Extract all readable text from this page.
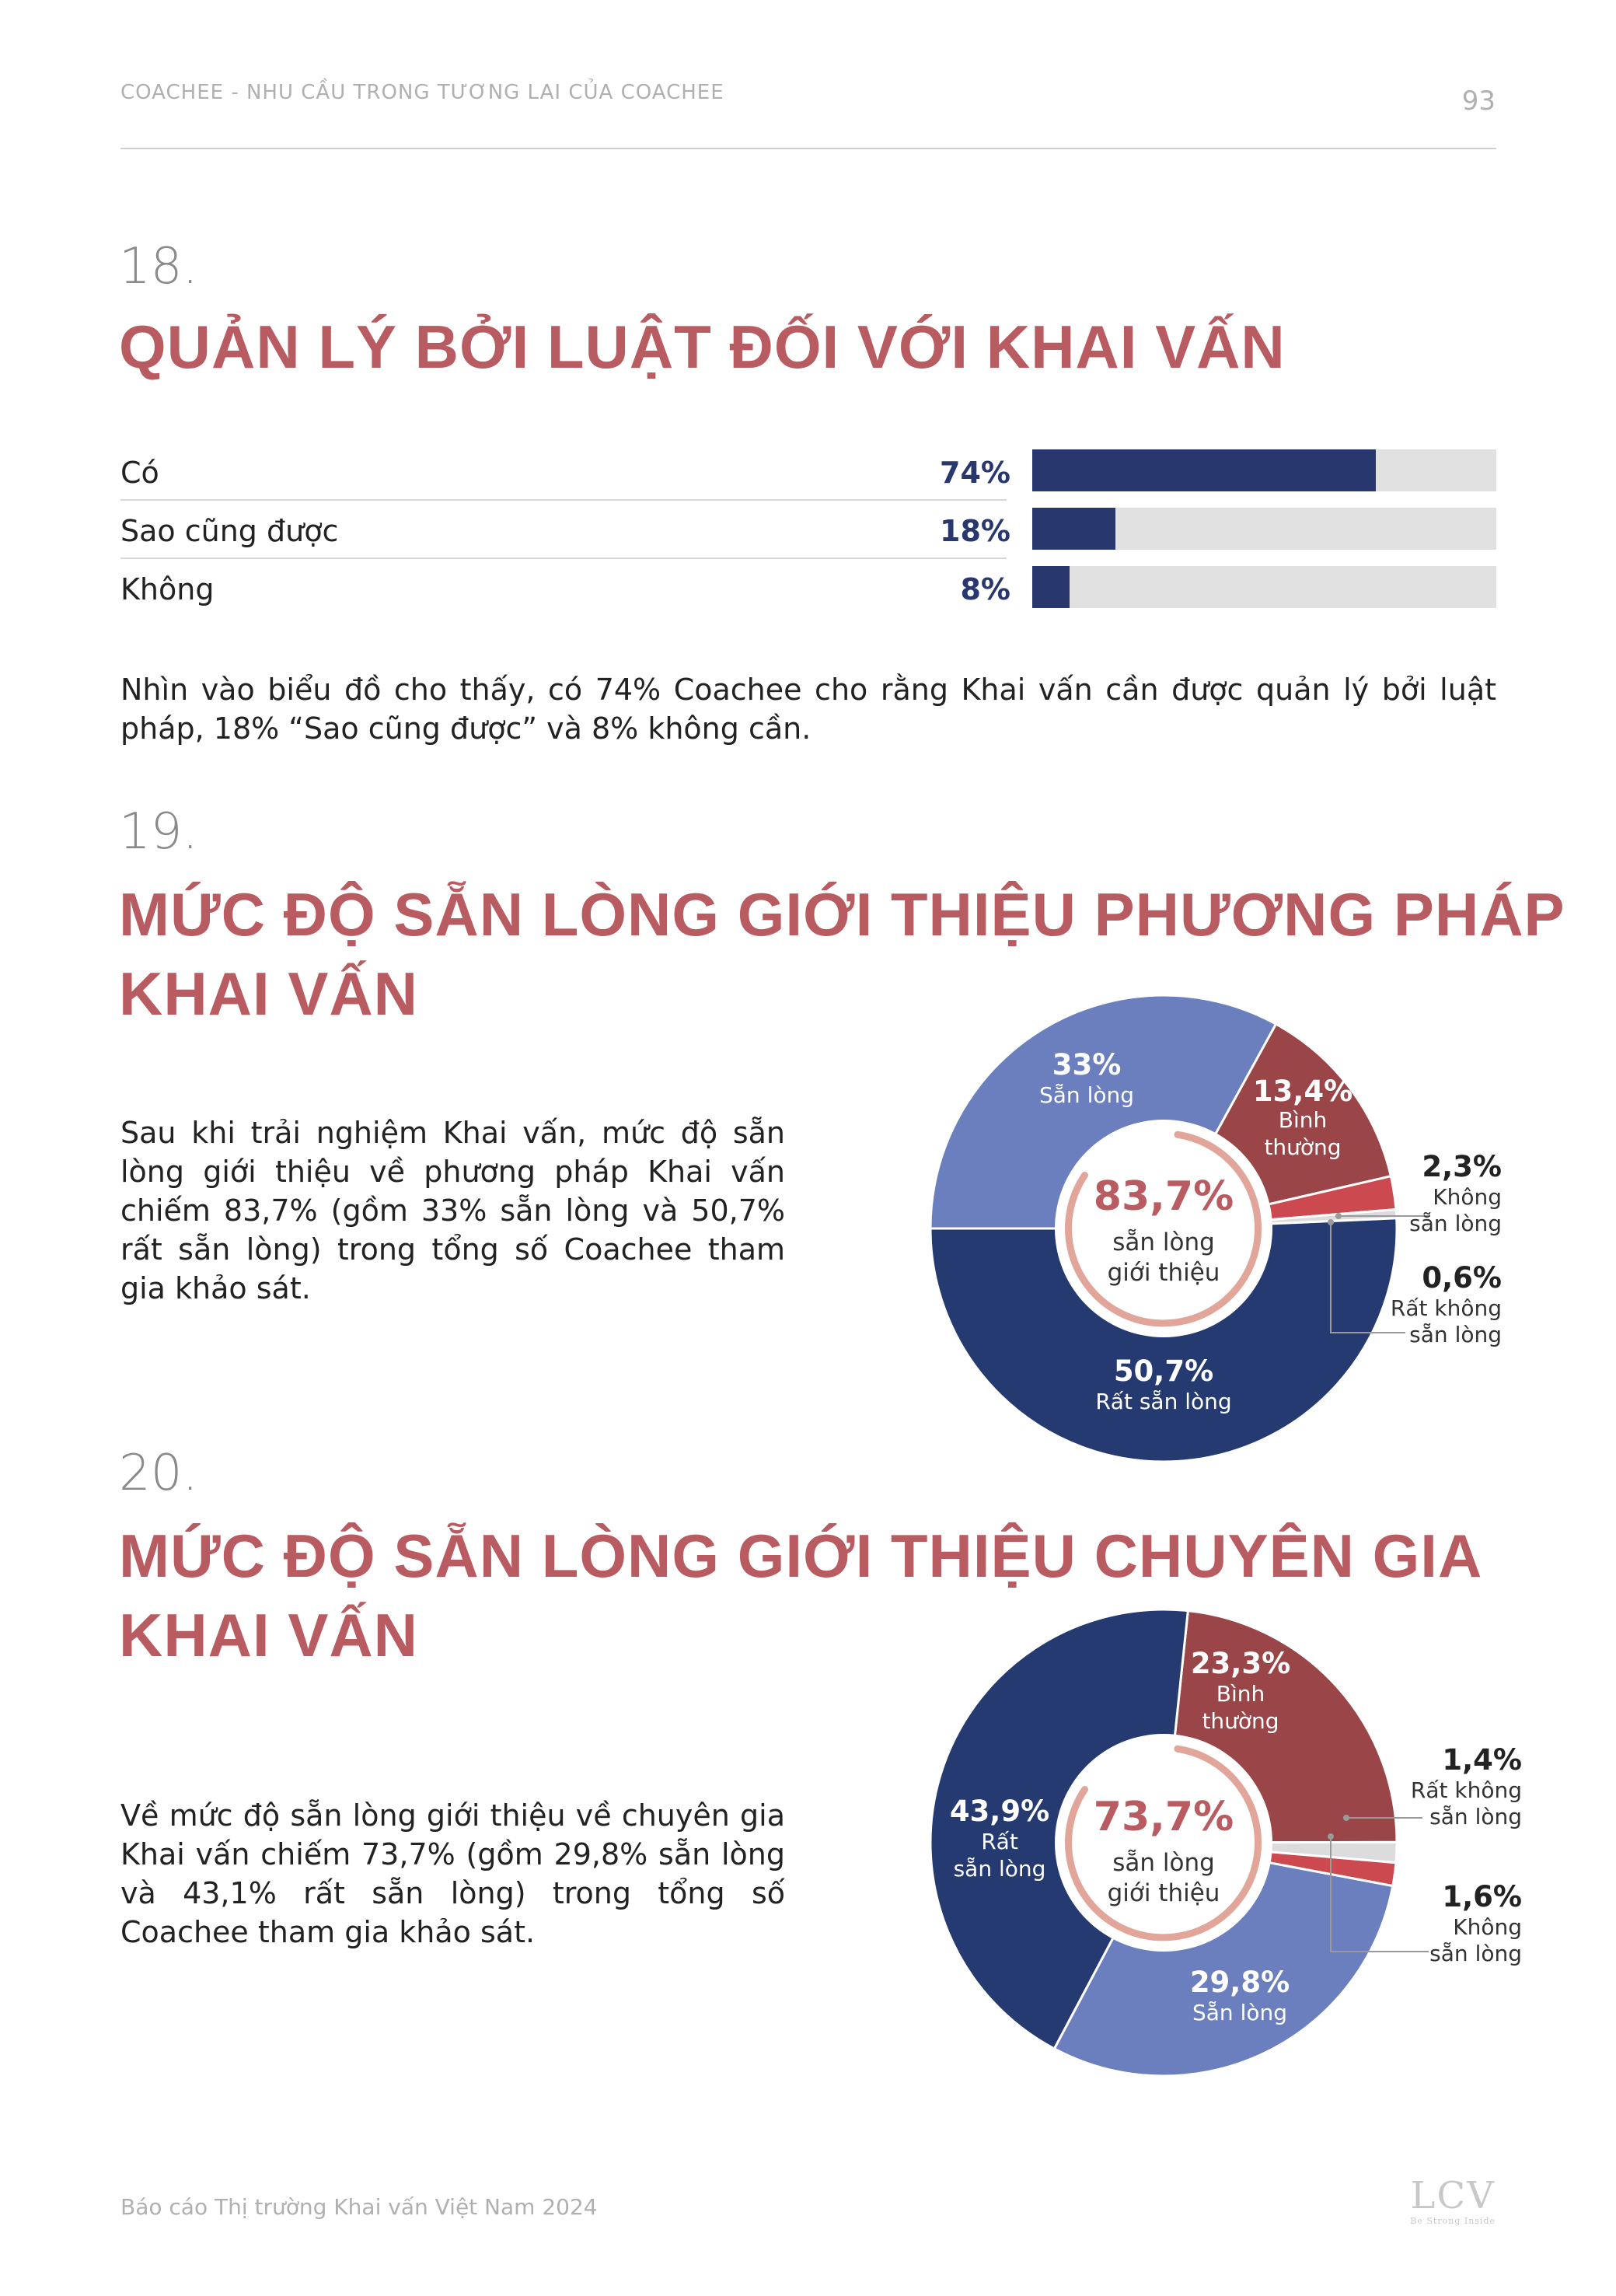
COACHEE - NHU CẦU TRONG TƯƠNG LAI CỦA COACHEE	93
18.
QUẢN LÝ BỞI LUẬT ĐỐI VỚI KHAI VẤN
Có	74%
Sao cũng được	18%
Không	8%
Nhìn vào biểu đồ cho thấy, có 74% Coachee cho rằng Khai vấn cần được quản lý bởi luật pháp, 18% “Sao cũng được” và 8% không cần.
19.
MỨC ĐỘ SẴN LÒNG GIỚI THIỆU PHƯƠNG PHÁP
KHAI VẤN
Sau khi trải nghiệm Khai vấn, mức độ sẵn lòng giới thiệu về phương pháp Khai vấn chiếm 83,7% (gồm 33% sẵn lòng và 50,7% rất sẵn lòng) trong tổng số Coachee tham gia khảo sát.
83,7%
sẵn lòng
giới thiệu
33%
Sẵn lòng	13,4%
Bình
thường
50,7%
Rất sẵn lòng
2,3%
Không
sẵn lòng
0,6%
Rất không
sẵn lòng
20.
MỨC ĐỘ SẴN LÒNG GIỚI THIỆU CHUYÊN GIA
KHAI VẤN
Về mức độ sẵn lòng giới thiệu về chuyên gia Khai vấn chiếm 73,7% (gồm 29,8% sẵn lòng và 43,1% rất sẵn lòng) trong tổng số Coachee tham gia khảo sát.
73,7%
sẵn lòng
giới thiệu
23,3%
Bình
thường
43,9%
Rất
sẵn lòng
29,8%
Sẵn lòng
1,4%
Rất không
sẵn lòng
1,6%
Không
sẵn lòng
Báo cáo Thị trường Khai vấn Việt Nam 2024	LCV
Be Strong Inside
